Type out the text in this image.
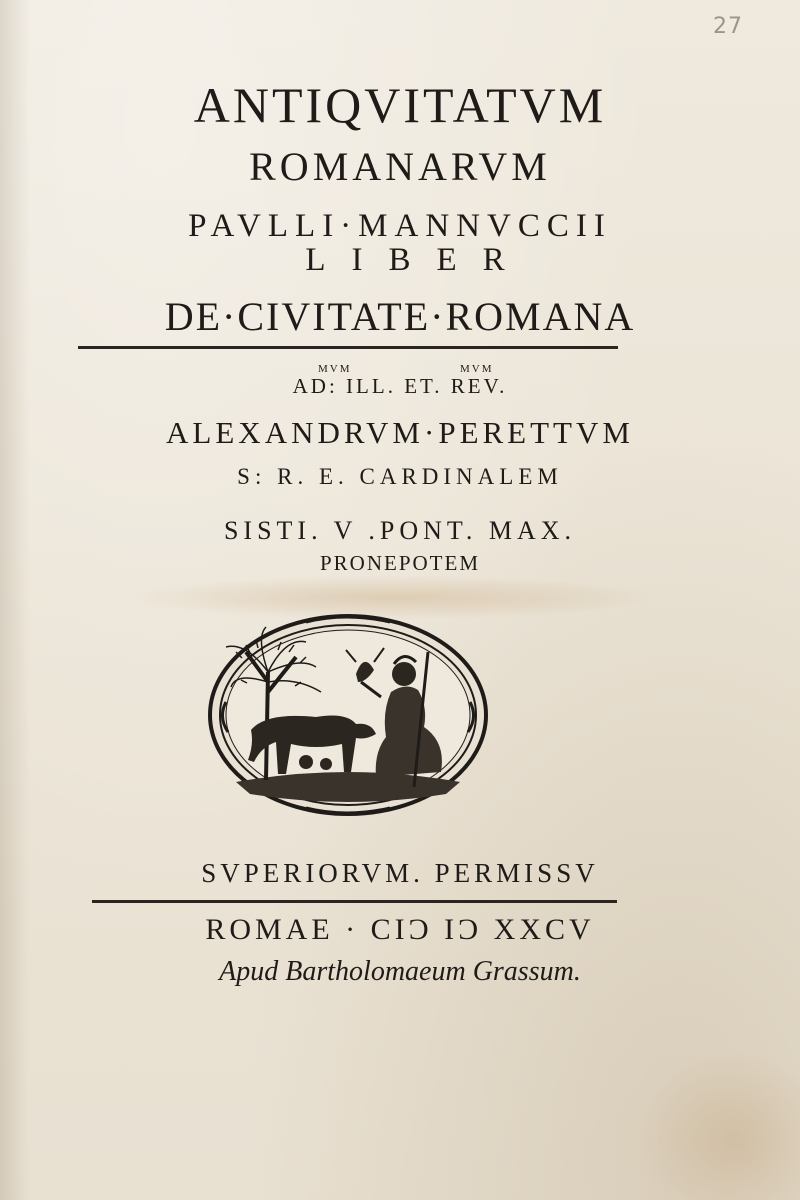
27
ANTIQVITATVM
ROMANARVM
PAVLLI·MANNVCCII
LIBER
DE·CIVITATE·ROMANA
MVM	MVM
AD: ILL. ET. REV.
ALEXANDRVM·PERETTVM
S: R. E. CARDINALEM
SISTI. V .PONT. MAX.
PRONEPOTEM
SVPERIORVM. PERMISSV
ROMAE · CIƆ IƆ XXCV
Apud Bartholomaeum Grassum.
